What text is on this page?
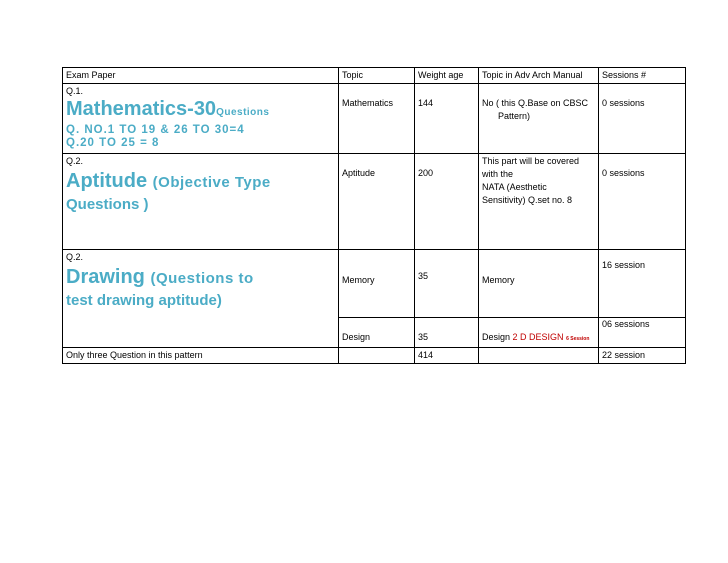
Exam Paper	Topic	Weight age	Topic in Adv Arch Manual	Sessions #
Q.1.

Mathematics-30Questions
Q. NO.1 TO 19 & 26 TO 30=4
Q.20 TO 25 = 8	Mathematics	144	No ( this Q.Base on CBSC

Pattern)	0 sessions
Q.2.

Aptitude (Objective Type
Questions )	Aptitude	200	This part will be covered
with the
NATA (Aesthetic
Sensitivity) Q.set no. 8	0 sessions
Q.2.

Drawing (Questions to
test drawing aptitude)	Memory	35	Memory	16 session
	Design	35	Design 2 D DESIGN 6 Session	06 sessions
Only three Question in this pattern		414		22 session
